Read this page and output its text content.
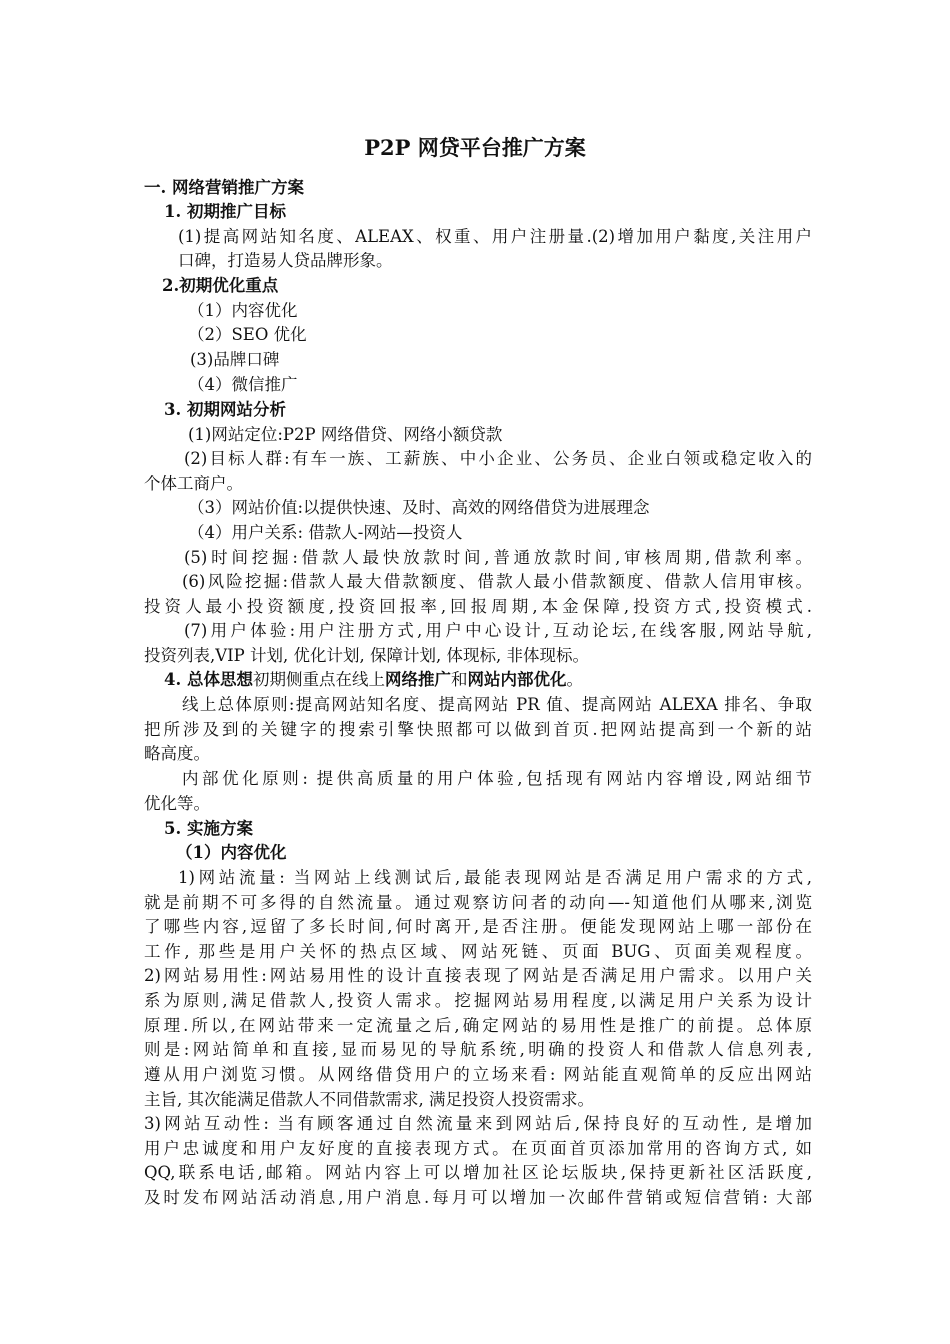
P2P 网贷平台推广方案
一. 网络营销推广方案
1. 初期推广目标
(1)提高网站知名度、ALEAX、权重、用户注册量.(2)增加用户黏度,关注用户
口碑，打造易人贷品牌形象。
2.初期优化重点
（1）内容优化
（2）SEO 优化
(3)品牌口碑
（4）微信推广
3. 初期网站分析
(1)网站定位:P2P 网络借贷、网络小额贷款
(2)目标人群:有车一族、工薪族、中小企业、公务员、企业白领或稳定收入的
个体工商户。
（3）网站价值:以提供快速、及时、高效的网络借贷为进展理念
（4）用户关系: 借款人-网站—投资人
(5)时间挖掘:借款人最快放款时间,普通放款时间,审核周期,借款利率。
(6)风险挖掘:借款人最大借款额度、借款人最小借款额度、借款人信用审核。
投资人最小投资额度,投资回报率,回报周期,本金保障,投资方式,投资模式.
(7)用户体验:用户注册方式,用户中心设计,互动论坛,在线客服,网站导航,
投资列表,VIP 计划, 优化计划, 保障计划, 体现标, 非体现标。
线上总体原则:提高网站知名度、提高网站 PR 值、提高网站 ALEXA 排名、争取
把所涉及到的关键字的搜索引擎快照都可以做到首页.把网站提高到一个新的站
略高度。
内部优化原则: 提供高质量的用户体验,包括现有网站内容增设,网站细节
优化等。
5. 实施方案
（1）内容优化
1)网站流量: 当网站上线测试后,最能表现网站是否满足用户需求的方式,
就是前期不可多得的自然流量。通过观察访问者的动向—-知道他们从哪来,浏览
了哪些内容,逗留了多长时间,何时离开,是否注册。便能发现网站上哪一部份在
工作, 那些是用户关怀的热点区域、网站死链、页面 BUG、页面美观程度。
2)网站易用性:网站易用性的设计直接表现了网站是否满足用户需求。以用户关
系为原则,满足借款人,投资人需求。挖掘网站易用程度,以满足用户关系为设计
原理.所以,在网站带来一定流量之后,确定网站的易用性是推广的前提。总体原
则是:网站简单和直接,显而易见的导航系统,明确的投资人和借款人信息列表,
遵从用户浏览习惯。从网络借贷用户的立场来看: 网站能直观简单的反应出网站
主旨, 其次能满足借款人不同借款需求, 满足投资人投资需求。
3)网站互动性: 当有顾客通过自然流量来到网站后,保持良好的互动性, 是增加
用户忠诚度和用户友好度的直接表现方式。在页面首页添加常用的咨询方式, 如
QQ,联系电话,邮箱。网站内容上可以增加社区论坛版块,保持更新社区活跃度,
及时发布网站活动消息,用户消息.每月可以增加一次邮件营销或短信营销: 大部
4. 总体思想初期侧重点在线上网络推广和网站内部优化。
